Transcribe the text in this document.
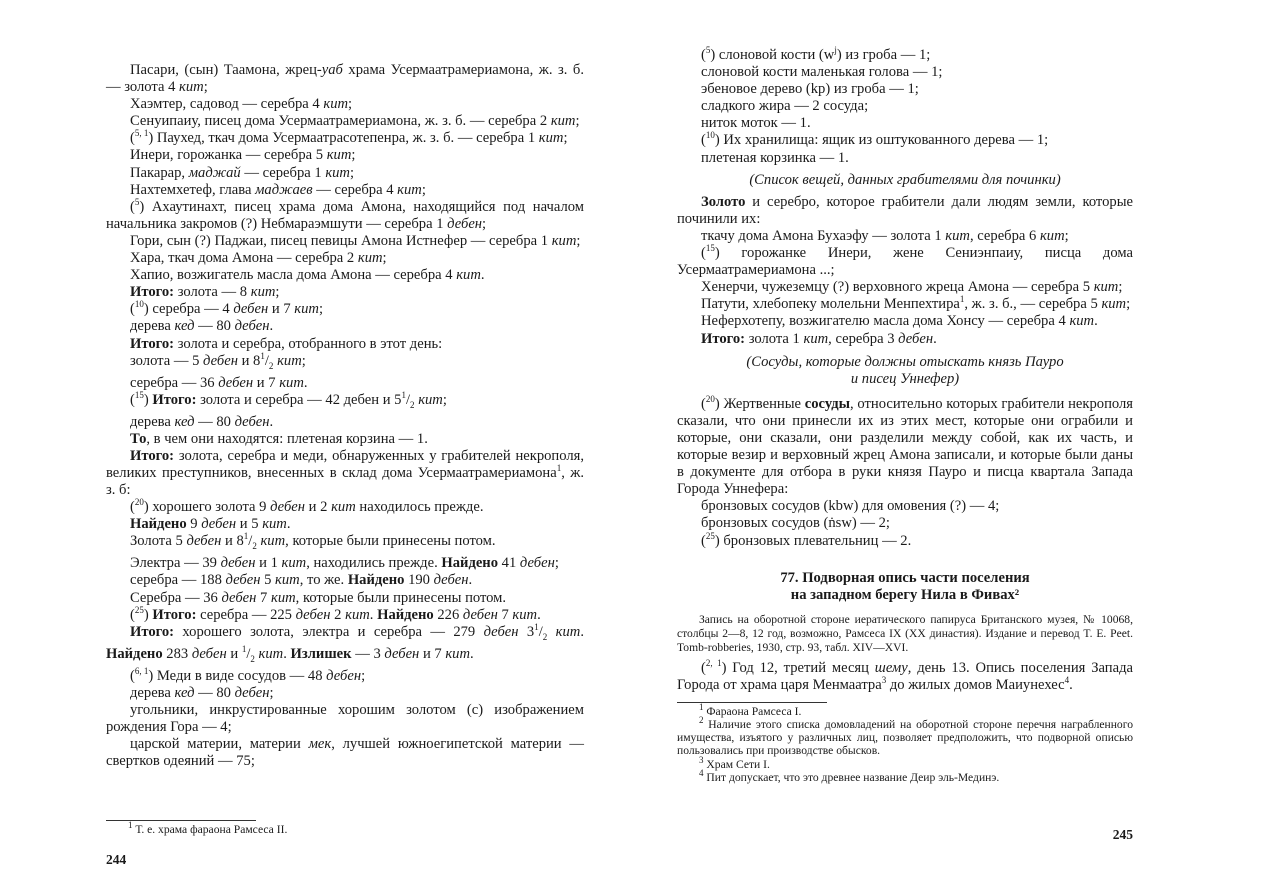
Пасари, (сын) Таамона, жрец-уаб храма Усермаатрамериамона, ж. з. б. — золота 4 кит;

Хаэмтер, садовод — серебра 4 кит;

Сенуипаиу, писец дома Усермаатрамериамона, ж. з. б. — серебра 2 кит;

($^{5, 1}$) Паухед, ткач дома Усермаатрасотепенра, ж. з. б. — серебра 1 кит;

Инери, горожанка — серебра 5 кит;

Пакарар, маджай — серебра 1 кит;

Нахтемхетеф, глава маджаев — серебра 4 кит;

($^5$) Ахаутинахт, писец храма дома Амона, находящийся под началом начальника закромов (?) Небмараэмшути — серебра 1 дебен;

Гори, сын (?) Паджаи, писец певицы Амона Истнефер — серебра 1 кит;

Хара, ткач дома Амона — серебра 2 кит;

Хапио, возжигатель масла дома Амона — серебра 4 кит.

Итого: золота — 8 кит;

($^{10}$) серебра — 4 дебен и 7 кит;

дерева кед — 80 дебен.

Итого: золота и серебра, отобранного в этот день:

золота — 5 дебен и $8^1/_2$ кит;

серебра — 36 дебен и 7 кит.

($^{15}$) Итого: золота и серебра — 42 дебен и $5^1/_2$ кит;

дерева кед — 80 дебен.

То, в чем они находятся: плетеная корзина — 1.

Итого: золота, серебра и меди, обнаруженных у грабителей некрополя, великих преступников, внесенных в склад дома Усермаатрамериамона$^1$, ж. з. б:

($^{20}$) хорошего золота 9 дебен и 2 кит находилось прежде.

Найдено 9 дебен и 5 кит.

Золота 5 дебен и $8^1/_2$ кит, которые были принесены потом.

Электра — 39 дебен и 1 кит, находились прежде. Найдено 41 дебен;

серебра — 188 дебен 5 кит, то же. Найдено 190 дебен.

Серебра — 36 дебен 7 кит, которые были принесены потом.

($^{25}$) Итого: серебра — 225 дебен 2 кит. Найдено 226 дебен 7 кит.

Итого: хорошего золота, электра и серебра — 279 дебен $3^1/_2$ кит. Найдено 283 дебен и $^1/_2$ кит. Излишек — 3 дебен и 7 кит.

($^{6, 1}$) Меди в виде сосудов — 48 дебен;

дерева кед — 80 дебен;

угольники, инкрустированные хорошим золотом (с) изображением рождения Гора — 4;

царской материи, материи мек, лучшей южноегипетской материи — свертков одеяний — 75;

$^1$ Т. е. храма фараона Рамсеса II.

244

($^5$) слоновой кости $(w^j)$ из гроба — 1;

слоновой кости маленькая голова — 1;

эбеновое дерево (kp) из гроба — 1;

сладкого жира — 2 сосуда;

ниток моток — 1.

($^{10}$) Их хранилища: ящик из оштукованного дерева — 1;

плетеная корзинка — 1.

(Список вещей, данных грабителями для починки)

Золото и серебро, которое грабители дали людям земли, которые починили их:

ткачу дома Амона Бухаэфу — золота 1 кит, серебра 6 кит;

($^{15}$) горожанке Инери, жене Сениэнпаиу, писца дома Усермаатрамериамона ...;

Хенерчи, чужеземцу (?) верховного жреца Амона — серебра 5 кит;

Патути, хлебопеку молельни Менпехтира$^1$, ж. з. б., — серебра 5 кит;

Неферхотепу, возжигателю масла дома Хонсу — серебра 4 кит.

Итого: золота 1 кит, серебра 3 дебен.

(Сосуды, которые должны отыскать князь Пауро

и писец Уннефер)

($^{20}$) Жертвенные сосуды, относительно которых грабители некрополя сказали, что они принесли их из этих мест, которые они ограбили и которые, они сказали, они разделили между собой, как их часть, и которые везир и верховный жрец Амона записали, и которые были даны в документе для отбора в руки князя Пауро и писца квартала Запада Города Уннефера:

бронзовых сосудов (kbw) для омовения (?) — 4;

бронзовых сосудов (ṅsw) — 2;

($^{25}$) бронзовых плевательниц — 2.

77. Подворная опись части поселения

на западном берегу Нила в Фивах²

Запись на оборотной стороне иератического папируса Британского музея, № 10068, столбцы 2—8, 12 год, возможно, Рамсеса IX (XX династия). Издание и перевод T. E. Peet. Tomb-robberies, 1930, стр. 93, табл. XIV—XVI.

($^{2, 1}$) Год 12, третий месяц шему, день 13. Опись поселения Запада Города от храма царя Менмаатра$^3$ до жилых домов Маиунехес$^4$.

$^1$ Фараона Рамсеса I.

$^2$ Наличие этого списка домовладений на оборотной стороне перечня награбленного имущества, изъятого у различных лиц, позволяет предположить, что подворной описью пользовались при производстве обысков.

$^3$ Храм Сети I.

$^4$ Пит допускает, что это древнее название Деир эль-Мединэ.

245
